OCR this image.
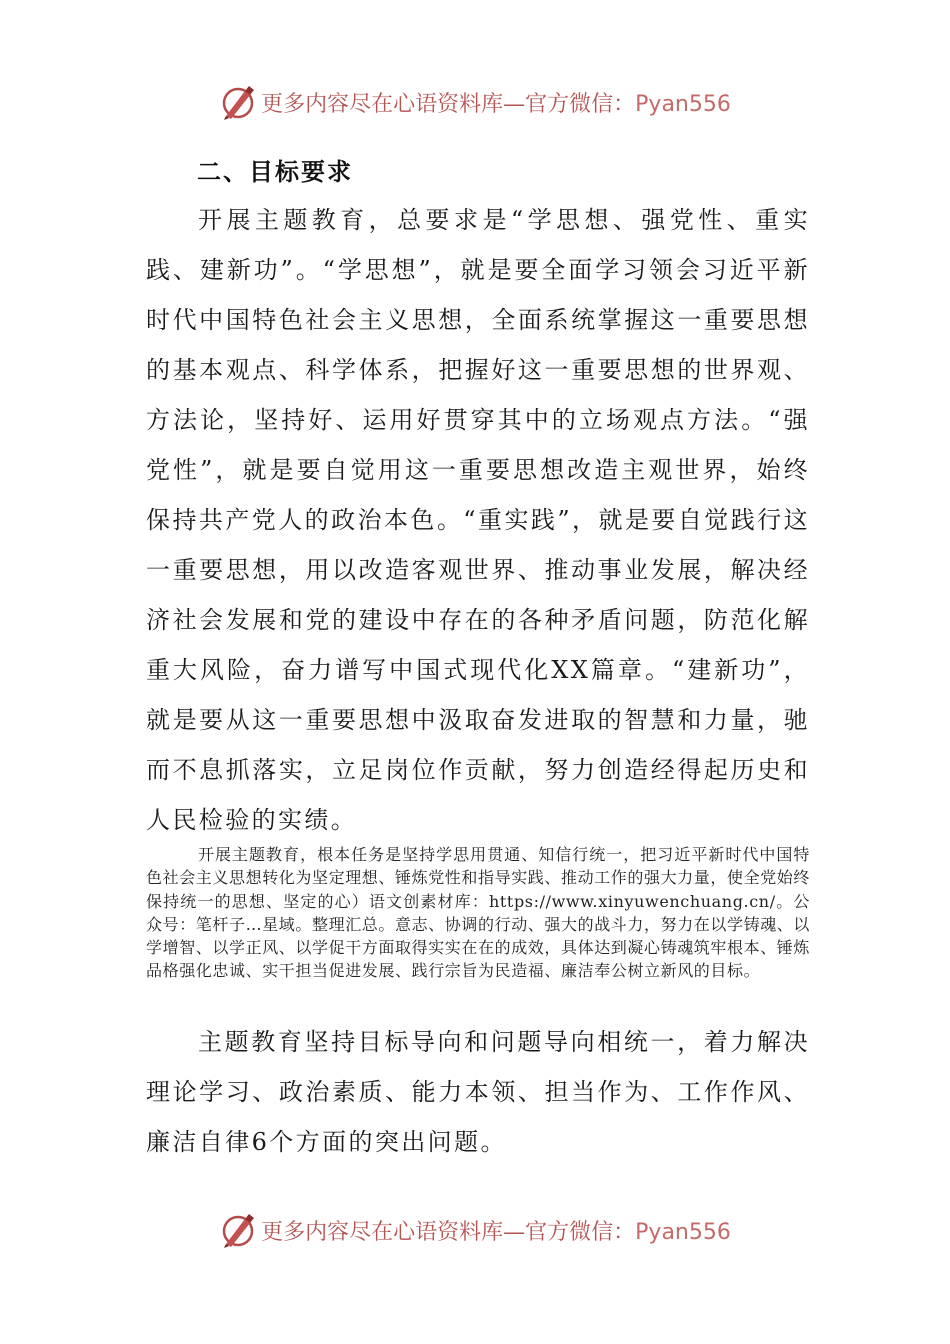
更多内容尽在心语资料库—官方微信：Pyan556
二、目标要求

开展主题教育，总要求是“学思想、强党性、重实践、建新功”。“学思想”，就是要全面学习领会习近平新时代中国特色社会主义思想，全面系统掌握这一重要思想的基本观点、科学体系，把握好这一重要思想的世界观、方法论，坚持好、运用好贯穿其中的立场观点方法。“强党性”，就是要自觉用这一重要思想改造主观世界，始终保持共产党人的政治本色。“重实践”，就是要自觉践行这一重要思想，用以改造客观世界、推动事业发展，解决经济社会发展和党的建设中存在的各种矛盾问题，防范化解重大风险，奋力谱写中国式现代化XX篇章。“建新功”，就是要从这一重要思想中汲取奋发进取的智慧和力量，驰而不息抓落实，立足岗位作贡献，努力创造经得起历史和人民检验的实绩。

开展主题教育，根本任务是坚持学思用贯通、知信行统一，把习近平新时代中国特色社会主义思想转化为坚定理想、锤炼党性和指导实践、推动工作的强大力量，使全党始终保持统一的思想、坚定的心）语文创素材库：https://www.xinyuwenchuang.cn/。公众号：笔杆子…星域。整理汇总。意志、协调的行动、强大的战斗力，努力在以学铸魂、以学增智、以学正风、以学促干方面取得实实在在的成效，具体达到凝心铸魂筑牢根本、锤炼品格强化忠诚、实干担当促进发展、践行宗旨为民造福、廉洁奉公树立新风的目标。

主题教育坚持目标导向和问题导向相统一，着力解决理论学习、政治素质、能力本领、担当作为、工作作风、廉洁自律6个方面的突出问题。

更多内容尽在心语资料库—官方微信：Pyan556
